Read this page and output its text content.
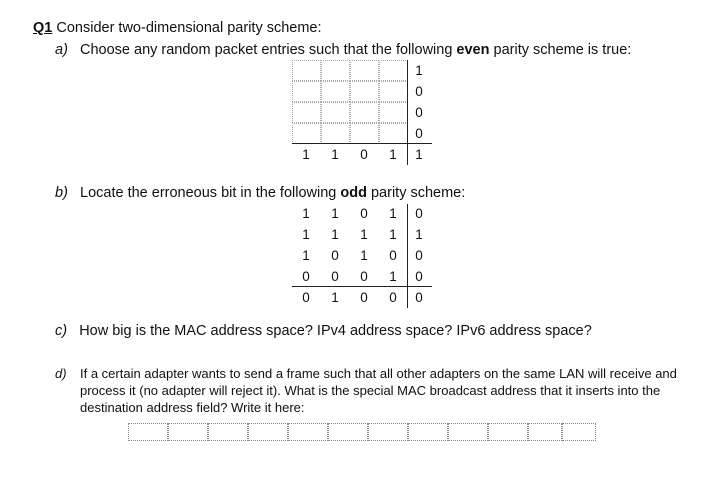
Q1 Consider two-dimensional parity scheme:
a) Choose any random packet entries such that the following even parity scheme is true:
1
0
0
0
1 1 0 1 1
b) Locate the erroneous bit in the following odd parity scheme:
1 1 0 1 0
1 1 1 1 1
1 0 1 0 0
0 0 0 1 0
0 1 0 0 0
c) How big is the MAC address space? IPv4 address space? IPv6 address space?
d) If a certain adapter wants to send a frame such that all other adapters on the same LAN will receive and process it (no adapter will reject it). What is the special MAC broadcast address that it inserts into the destination address field? Write it here:
